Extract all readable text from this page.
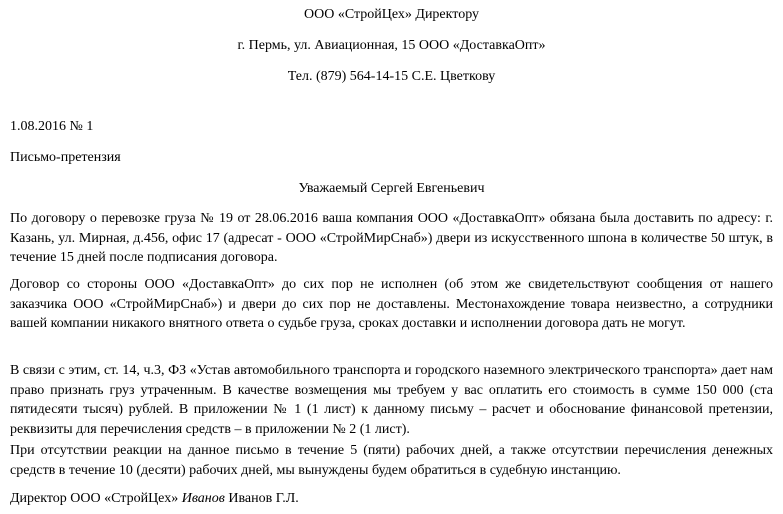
ООО «СтройЦех» Директору
г. Пермь, ул. Авиационная, 15 ООО «ДоставкаОпт»
Тел. (879) 564-14-15 С.Е. Цветкову
1.08.2016 № 1
Письмо-претензия
Уважаемый Сергей Евгеньевич
По договору о перевозке груза № 19 от 28.06.2016 ваша компания ООО «ДоставкаОпт» обязана была доставить по адресу: г. Казань, ул. Мирная, д.456, офис 17 (адресат - ООО «СтройМирСнаб») двери из искусственного шпона в количестве 50 штук, в течение 15 дней после подписания договора.
Договор со стороны ООО «ДоставкаОпт» до сих пор не исполнен (об этом же свидетельствуют сообщения от нашего заказчика ООО «СтройМирСнаб») и двери до сих пор не доставлены. Местонахождение товара неизвестно, а сотрудники вашей компании никакого внятного ответа о судьбе груза, сроках доставки и исполнении договора дать не могут.
В связи с этим, ст. 14, ч.3, ФЗ «Устав автомобильного транспорта и городского наземного электрического транспорта» дает нам право признать груз утраченным. В качестве возмещения мы требуем у вас оплатить его стоимость в сумме 150 000 (ста пятидесяти тысяч) рублей. В приложении № 1 (1 лист) к данному письму – расчет и обоснование финансовой претензии, реквизиты для перечисления средств – в приложении № 2 (1 лист).
При отсутствии реакции на данное письмо в течение 5 (пяти) рабочих дней, а также отсутствии перечисления денежных средств в течение 10 (десяти) рабочих дней, мы вынуждены будем обратиться в судебную инстанцию.
Директор ООО «СтройЦех» Иванов Иванов Г.Л.
